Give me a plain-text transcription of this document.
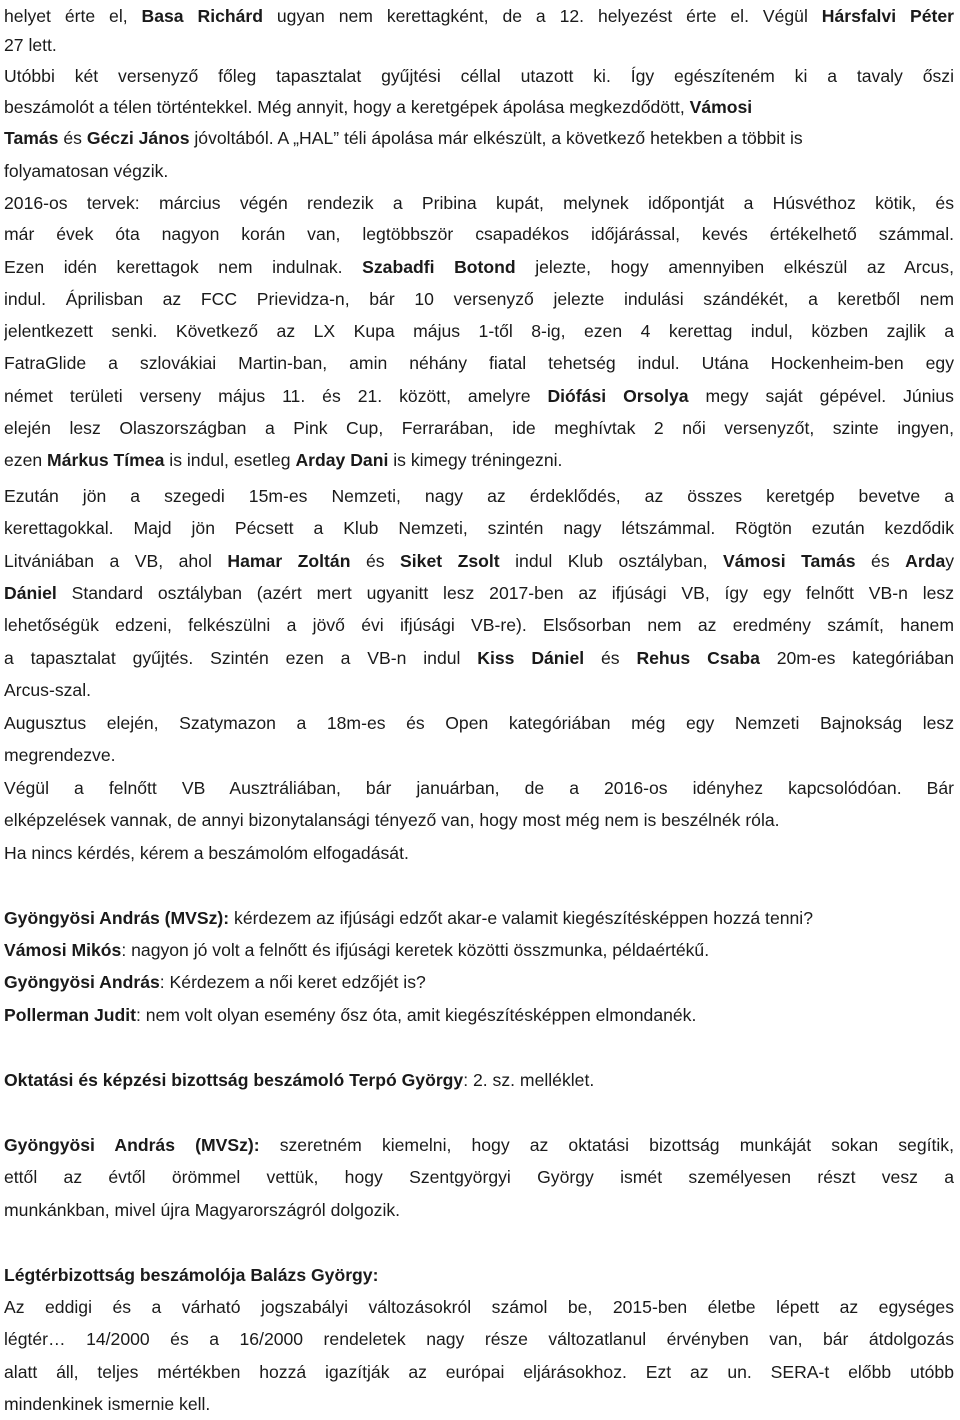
helyet érte el, Basa Richárd ugyan nem kerettagként, de a 12. helyezést érte el. Végül Hársfalvi Péter
27 lett.
Utóbbi két versenyző főleg tapasztalat gyűjtési céllal utazott ki. Így egészíteném ki a tavaly őszi
beszámolót a télen történtekkel. Még annyit, hogy a keretgépek ápolása megkezdődött, Vámosi
Tamás és Géczi János jóvoltából. A „HAL” téli ápolása már elkészült, a következő hetekben a többit is
folyamatosan végzik.
2016-os tervek: március végén rendezik a Pribina kupát, melynek időpontját a Húsvéthoz kötik, és
már évek óta nagyon korán van, legtöbbször csapadékos időjárással, kevés értékelhető számmal.
Ezen idén kerettagok nem indulnak. Szabadfi Botond jelezte, hogy amennyiben elkészül az Arcus,
indul. Áprilisban az FCC Prievidza-n, bár 10 versenyző jelezte indulási szándékét, a keretből nem
jelentkezett senki. Következő az LX Kupa május 1-től 8-ig, ezen 4 kerettag indul, közben zajlik a
FatraGlide a szlovákiai Martin-ban, amin néhány fiatal tehetség indul. Utána Hockenheim-ben egy
német területi verseny május 11. és 21. között, amelyre Diófási Orsolya megy saját gépével. Június
elején lesz Olaszországban a Pink Cup, Ferrarában, ide meghívtak 2 női versenyzőt, szinte ingyen,
ezen Márkus Tímea is indul, esetleg Arday Dani is kimegy tréningezni.
Ezután jön a szegedi 15m-es Nemzeti, nagy az érdeklődés, az összes keretgép bevetve a
kerettagokkal. Majd jön Pécsett a Klub Nemzeti, szintén nagy létszámmal. Rögtön ezután kezdődik
Litvániában a VB, ahol Hamar Zoltán és Siket Zsolt indul Klub osztályban, Vámosi Tamás és Arday
Dániel Standard osztályban (azért mert ugyanitt lesz 2017-ben az ifjúsági VB, így egy felnőtt VB-n lesz
lehetőségük edzeni, felkészülni a jövő évi ifjúsági VB-re). Elsősorban nem az eredmény számít, hanem
a tapasztalat gyűjtés. Szintén ezen a VB-n indul Kiss Dániel és Rehus Csaba 20m-es kategóriában
Arcus-szal.
Augusztus elején, Szatymazon a 18m-es és Open kategóriában még egy Nemzeti Bajnokság lesz
megrendezve.
Végül a felnőtt VB Ausztráliában, bár januárban, de a 2016-os idényhez kapcsolódóan. Bár
elképzelések vannak, de annyi bizonytalansági tényező van, hogy most még nem is beszélnék róla.
Ha nincs kérdés, kérem a beszámolóm elfogadását.
Gyöngyösi András (MVSz): kérdezem az ifjúsági edzőt akar-e valamit kiegészítésképpen hozzá tenni?
Vámosi Mikós: nagyon jó volt a felnőtt és ifjúsági keretek közötti összmunka, példaértékű.
Gyöngyösi András: Kérdezem a női keret edzőjét is?
Pollerman Judit: nem volt olyan esemény ősz óta, amit kiegészítésképpen elmondanék.
Oktatási és képzési bizottság beszámoló Terpó György: 2. sz. melléklet.
Gyöngyösi András (MVSz): szeretném kiemelni, hogy az oktatási bizottság munkáját sokan segítik,
ettől az évtől örömmel vettük, hogy Szentgyörgyi György ismét személyesen részt vesz a
munkánkban, mivel újra Magyarországról dolgozik.
Légtérbizottság beszámolója Balázs György:
Az eddigi és a várható jogszabályi változásokról számol be, 2015-ben életbe lépett az egységes
légtér… 14/2000 és a 16/2000 rendeletek nagy része változatlanul érvényben van, bár átdolgozás
alatt áll, teljes mértékben hozzá igazítják az európai eljárásokhoz. Ezt az un. SERA-t előbb utóbb
mindenkinek ismernie kell.
